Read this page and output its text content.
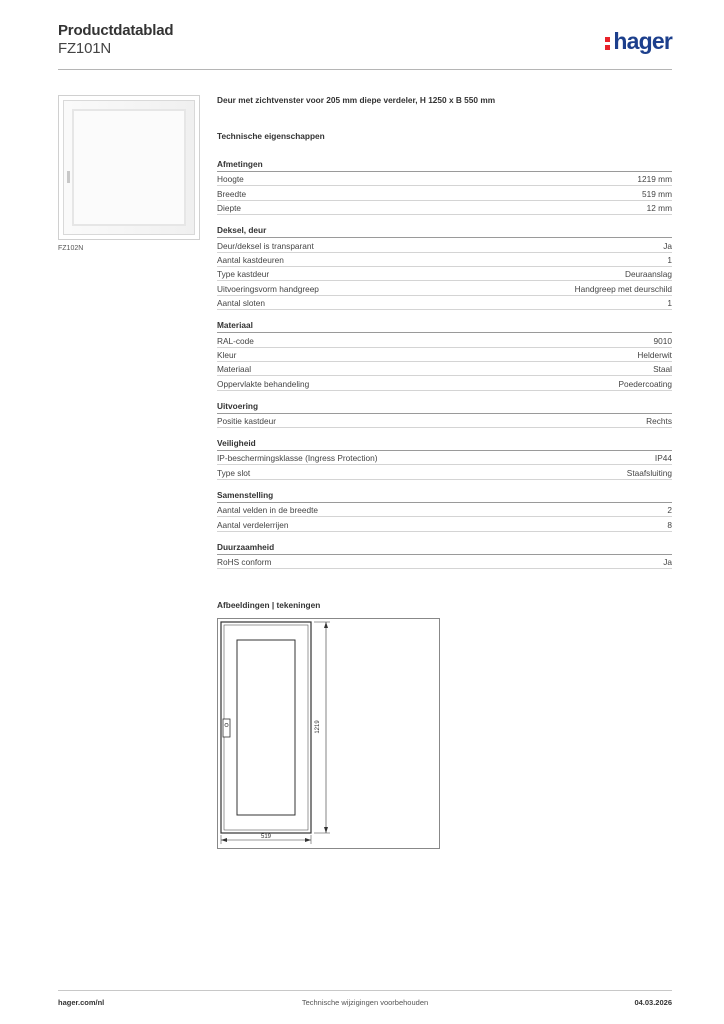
Productdatablad
FZ101N	hager
FZ102N
Deur met zichtvenster voor 205 mm diepe verdeler, H 1250 x B 550 mm
Technische eigenschappen
Afmetingen
Hoogte	1219 mm
Breedte	519 mm
Diepte	12 mm
Deksel, deur
Deur/deksel is transparant	Ja
Aantal kastdeuren	1
Type kastdeur	Deuraanslag
Uitvoeringsvorm handgreep	Handgreep met deurschild
Aantal sloten	1
Materiaal
RAL-code	9010
Kleur	Helderwit
Materiaal	Staal
Oppervlakte behandeling	Poedercoating
Uitvoering
Positie kastdeur	Rechts
Veiligheid
IP-beschermingsklasse (Ingress Protection)	IP44
Type slot	Staafsluiting
Samenstelling
Aantal velden in de breedte	2
Aantal verdelerrijen	8
Duurzaamheid
RoHS conform	Ja
Afbeeldingen | tekeningen
1219
519
hager.com/nl	Technische wijzigingen voorbehouden	04.03.2026
